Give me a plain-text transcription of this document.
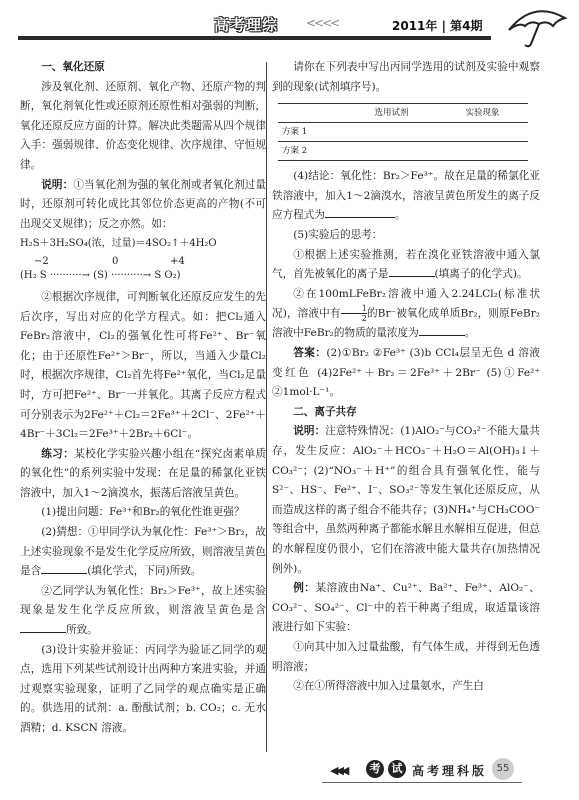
高考理综 <<<<	2011年 | 第4期
一、氧化还原

涉及氧化剂、还原剂、氧化产物、还原产物的判断，氧化剂氧化性或还原剂还原性相对强弱的判断，氧化还原反应方面的计算。解决此类题需从四个规律入手：强弱规律、价态变化规律、次序规律、守恒规律。

说明：①当氧化剂为强的氧化剂或者氧化剂过量时，还原剂可转化成比其邻位价态更高的产物(不可出现交叉规律)；反之亦然。如：

H₂S＋3H₂SO₄(浓，过量)＝4SO₂↑＋4H₂O

−2	0	+4
(H₂ S ··········→ (S) ··········→ S O₂)

②根据次序规律，可判断氧化还原反应发生的先后次序，写出对应的化学方程式。如：把Cl₂通入FeBr₂溶液中，Cl₂的强氧化性可将Fe²⁺、Br⁻氧化；由于还原性Fe²⁺＞Br⁻，所以，当通入少量Cl₂时，根据次序规律，Cl₂首先将Fe²⁺氧化，当Cl₂足量时，方可把Fe²⁺、Br⁻一并氧化。其离子反应方程式可分别表示为2Fe²⁺＋Cl₂＝2Fe³⁺＋2Cl⁻、2Fe²⁺＋4Br⁻＋3Cl₂＝2Fe³⁺＋2Br₂＋6Cl⁻。

练习：某校化学实验兴趣小组在“探究卤素单质的氧化性”的系列实验中发现：在足量的稀氯化亚铁溶液中，加入1～2滴溴水，振荡后溶液呈黄色。

(1)提出问题：Fe³⁺和Br₂的氧化性谁更强？

(2)猜想：①甲同学认为氧化性：Fe³⁺＞Br₂，故上述实验现象不是发生化学反应所致，则溶液呈黄色是含	(填化学式，下同)所致。

②乙同学认为氧化性：Br₂＞Fe³⁺，故上述实验现象是发生化学反应所致，则溶液呈黄色是含所致。

(3)设计实验并验证：丙同学为验证乙同学的观点，选用下列某些试剂设计出两种方案进实验，并通过观察实验现象，证明了乙同学的观点确实是正确的。供选用的试剂：a. 酚酞试剂；b. CO₂；c. 无水酒精；d. KSCN 溶液。

请你在下列表中写出丙同学选用的试剂及实验中观察到的现象(试剂填序号)。

	选用试剂	实验现象
方案 1		
方案 2		

(4)结论：氧化性：Br₂＞Fe³⁺。故在足量的稀氯化亚铁溶液中，加入1～2滴溴水，溶液呈黄色所发生的离子反应方程式为	。

(5)实验后的思考：

①根据上述实验推测，若在溴化亚铁溶液中通入氯气，首先被氧化的离子是	(填离子的化学式)。

②在100mLFeBr₂溶液中通入2.24LCl₂(标准状况)，溶液中有 $\frac{1}{2}$ 的Br⁻被氧化成单质Br₂，则原FeBr₂溶液中FeBr₂的物质的量浓度为	。

答案：(2)①Br₂ ②Fe³⁺ (3)b CCl₄层呈无色 d 溶液变红色 (4)2Fe²⁺＋Br₂＝2Fe³⁺＋2Br⁻ (5)①Fe²⁺ ②1mol·L⁻¹。

二、离子共存

说明：注意特殊情况：(1)AlO₂⁻与CO₃²⁻不能大量共存，发生反应：AlO₂⁻＋HCO₃⁻＋H₂O＝Al(OH)₃↓＋CO₃²⁻；(2)“NO₃⁻＋H⁺”的组合具有强氧化性，能与S²⁻、HS⁻、Fe²⁺、I⁻、SO₃²⁻等发生氧化还原反应，从而造成这样的离子组合不能共存；(3)NH₄⁺与CH₃COO⁻等组合中，虽然两种离子都能水解且水解相互促进，但总的水解程度仍很小，它们在溶液中能大量共存(加热情况例外)。

例：某溶液由Na⁺、Cu²⁺、Ba²⁺、Fe³⁺、AlO₂⁻、CO₃²⁻、SO₄²⁻、Cl⁻中的若干种离子组成，取适量该溶液进行如下实验：

①向其中加入过量盐酸，有气体生成，并得到无色透明溶液；

②在①所得溶液中加入过量氨水，产生白

◀◀◀	考	试 高考理科版 55
